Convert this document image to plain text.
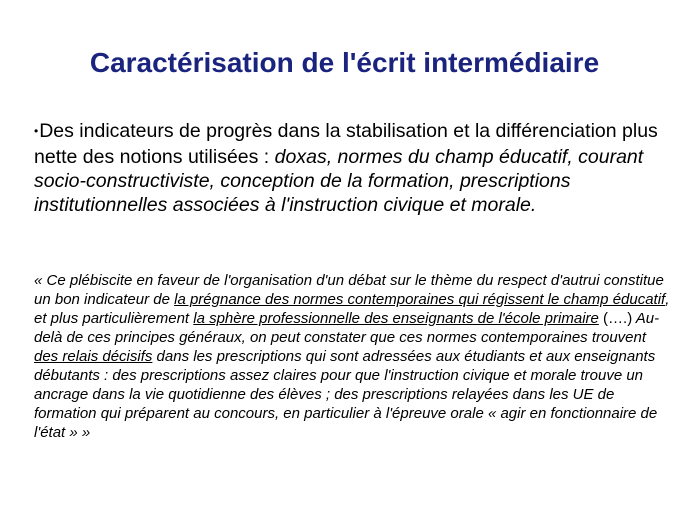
Caractérisation de l'écrit intermédiaire
•Des indicateurs de progrès dans la stabilisation et la différenciation plus nette des notions utilisées : doxas, normes du champ éducatif, courant socio-constructiviste, conception de la formation, prescriptions institutionnelles associées à l'instruction civique et morale.
« Ce plébiscite en faveur de l'organisation d'un débat sur le thème du respect d'autrui constitue un bon indicateur de la prégnance des normes contemporaines qui régissent le champ éducatif, et plus particulièrement la sphère professionnelle des enseignants de l'école primaire (….) Au-delà de ces principes généraux, on peut constater que ces normes contemporaines trouvent des relais décisifs dans les prescriptions qui sont adressées aux étudiants et aux enseignants débutants : des prescriptions assez claires pour que l'instruction civique et morale trouve un ancrage dans la vie quotidienne des élèves ; des prescriptions relayées dans les UE de formation qui préparent au concours, en particulier à l'épreuve orale « agir en fonctionnaire de l'état » »
